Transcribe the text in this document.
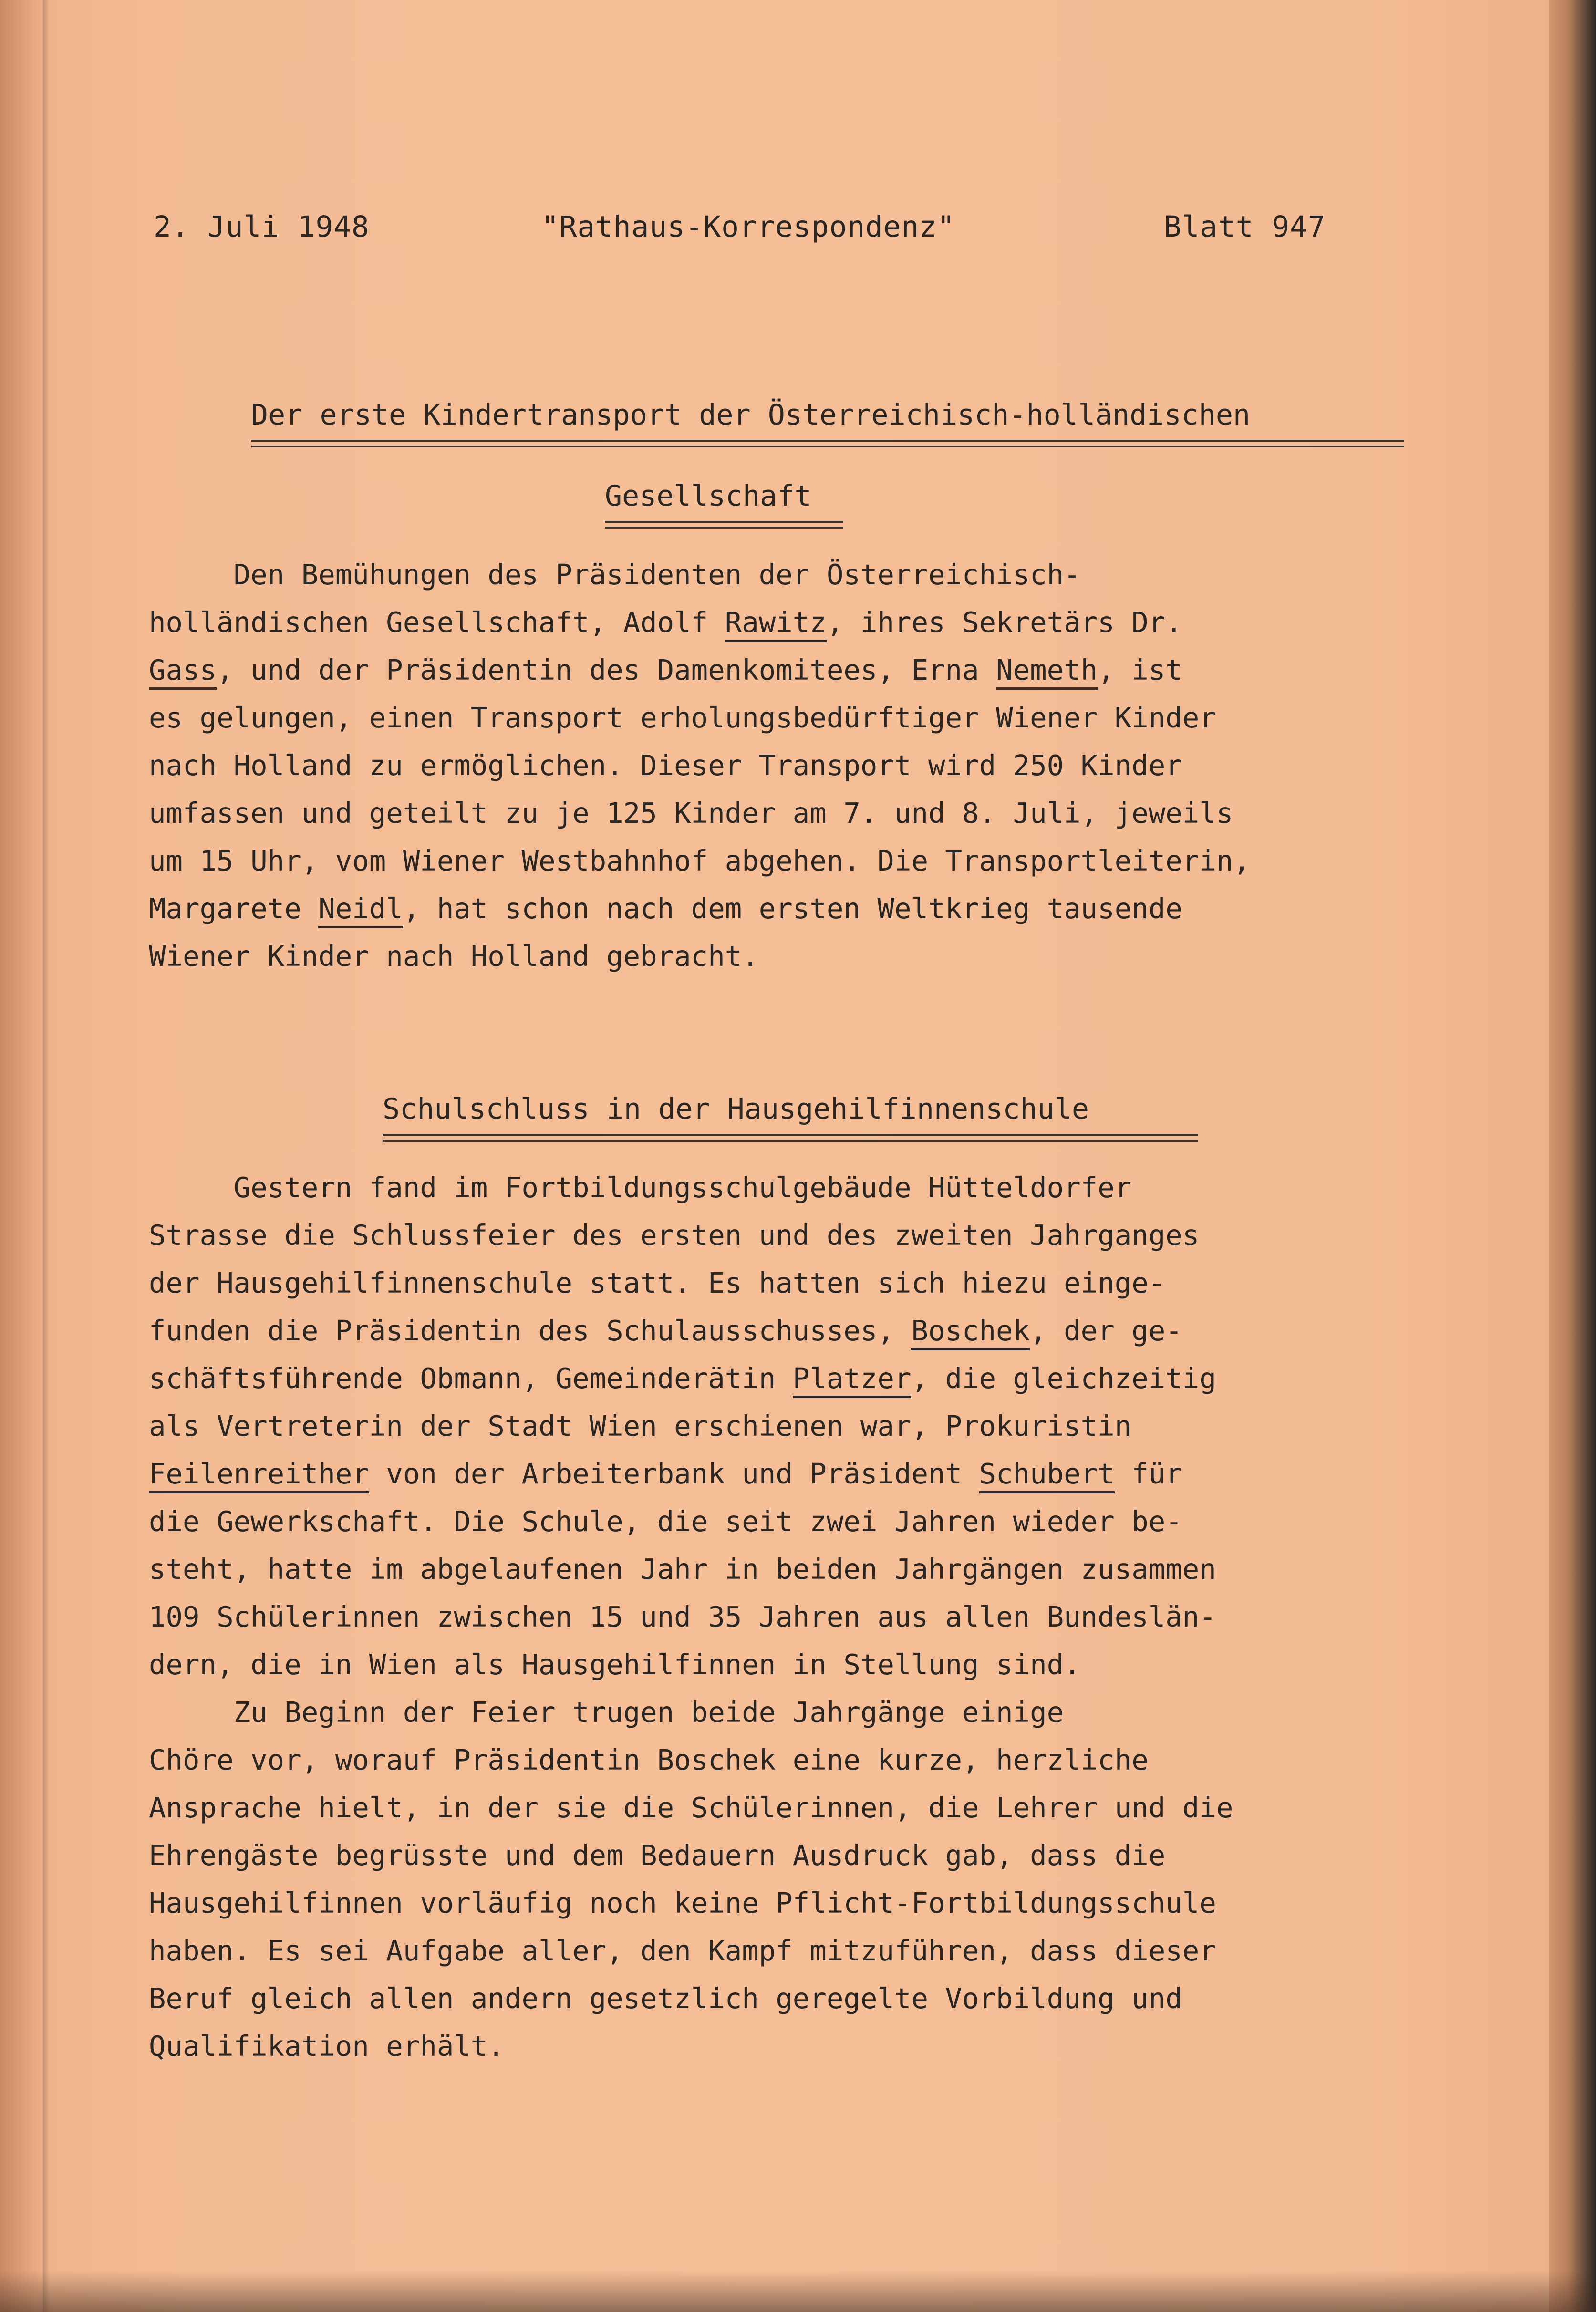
2. Juli 1948	"Rathaus-Korrespondenz"	Blatt 947
Der erste Kindertransport der Österreichisch-holländischen
Gesellschaft
Den Bemühungen des Präsidenten der Österreichisch-
holländischen Gesellschaft, Adolf Rawitz, ihres Sekretärs Dr.
Gass, und der Präsidentin des Damenkomitees, Erna Nemeth, ist
es gelungen, einen Transport erholungsbedürftiger Wiener Kinder
nach Holland zu ermöglichen. Dieser Transport wird 250 Kinder
umfassen und geteilt zu je 125 Kinder am 7. und 8. Juli, jeweils
um 15 Uhr, vom Wiener Westbahnhof abgehen. Die Transportleiterin,
Margarete Neidl, hat schon nach dem ersten Weltkrieg tausende
Wiener Kinder nach Holland gebracht.
Schulschluss in der Hausgehilfinnenschule
Gestern fand im Fortbildungsschulgebäude Hütteldorfer
Strasse die Schlussfeier des ersten und des zweiten Jahrganges
der Hausgehilfinnenschule statt. Es hatten sich hiezu einge-
funden die Präsidentin des Schulausschusses, Boschek, der ge-
schäftsführende Obmann, Gemeinderätin Platzer, die gleichzeitig
als Vertreterin der Stadt Wien erschienen war, Prokuristin
Feilenreither von der Arbeiterbank und Präsident Schubert für
die Gewerkschaft. Die Schule, die seit zwei Jahren wieder be-
steht, hatte im abgelaufenen Jahr in beiden Jahrgängen zusammen
109 Schülerinnen zwischen 15 und 35 Jahren aus allen Bundeslän-
dern, die in Wien als Hausgehilfinnen in Stellung sind.
Zu Beginn der Feier trugen beide Jahrgänge einige
Chöre vor, worauf Präsidentin Boschek eine kurze, herzliche
Ansprache hielt, in der sie die Schülerinnen, die Lehrer und die
Ehrengäste begrüsste und dem Bedauern Ausdruck gab, dass die
Hausgehilfinnen vorläufig noch keine Pflicht-Fortbildungsschule
haben. Es sei Aufgabe aller, den Kampf mitzuführen, dass dieser
Beruf gleich allen andern gesetzlich geregelte Vorbildung und
Qualifikation erhält.
